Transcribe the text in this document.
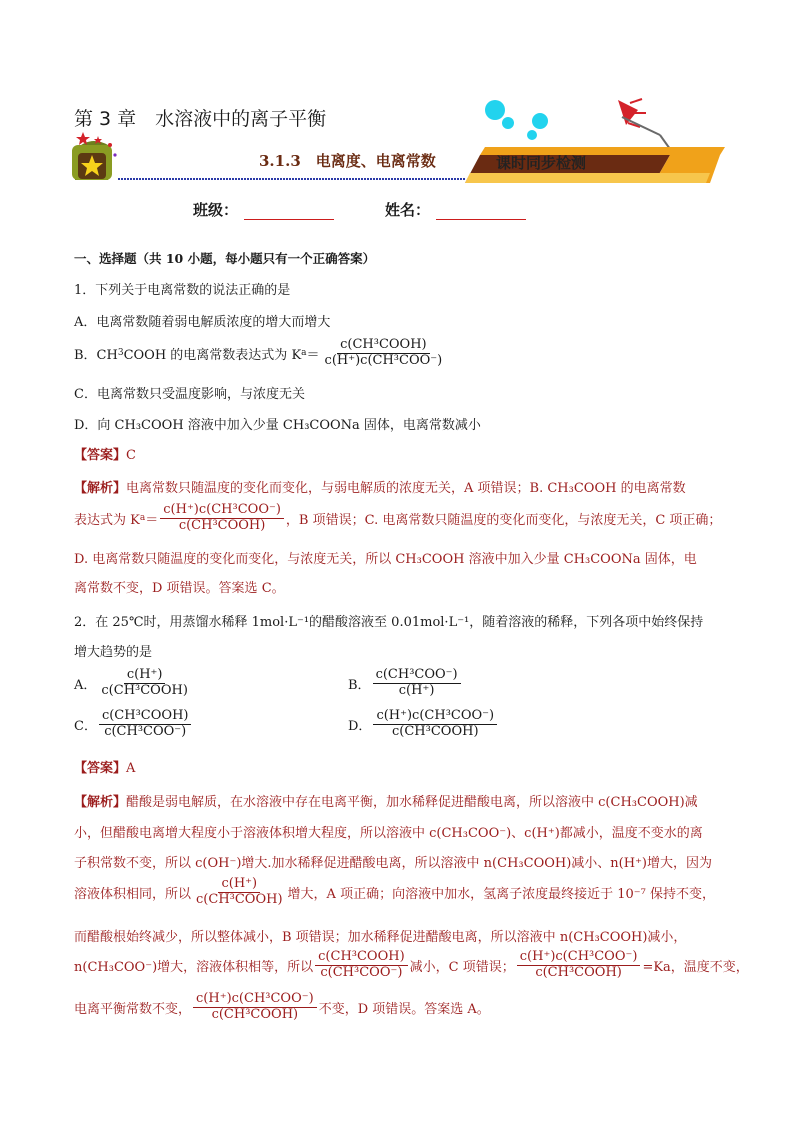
第 3 章　水溶液中的离子平衡
3.1.3　电离度、电离常数	课时同步检测
班级：	姓名：
一、选择题（共 10 小题，每小题只有一个正确答案）
1．下列关于电离常数的说法正确的是
A．电离常数随着弱电解质浓度的增大而增大
B．CH 3 COOH 的电离常数表达式为 K $a = \frac{\text{c(CH³COOH)}}{\text{c(H⁺)c(CH³COO⁻)}}$
C．电离常数只受温度影响，与浓度无关
D．向 CH₃COOH 溶液中加入少量 CH₃COONa 固体，电离常数减小
【答案】C
【解析】电离常数只随温度的变化而变化，与弱电解质的浓度无关，A 项错误；B. CH₃COOH 的电离常数
表达式为 K $a = \frac{\text{c(H⁺)c(CH³COO⁻)}}{\text{c(CH³COOH)}}$ ，B 项错误；C. 电离常数只随温度的变化而变化，与浓度无关，C 项正确；
D. 电离常数只随温度的变化而变化，与浓度无关，所以 CH₃COOH 溶液中加入少量 CH₃COONa 固体，电
离常数不变，D 项错误。答案选 C。
2．在 25℃时，用蒸馏水稀释 1mol·L⁻¹的醋酸溶液至 0.01mol·L⁻¹，随着溶液的稀释，下列各项中始终保持
增大趋势的是
A． $\frac{c(H^+)}{\text{c(CH³COOH)}}$	B． $\frac{\text{c(CH³COO⁻)}}{c(H^+)}$
C． $\frac{\text{c(CH³COOH)}}{\text{c(CH³COO⁻)}}$	D． $\frac{\text{c(H⁺)c(CH³COO⁻)}}{\text{c(CH³COOH)}}$
【答案】A
【解析】醋酸是弱电解质，在水溶液中存在电离平衡，加水稀释促进醋酸电离，所以溶液中 c(CH₃COOH)减
小，但醋酸电离增大程度小于溶液体积增大程度，所以溶液中 c(CH₃COO⁻)、c(H⁺)都减小，温度不变水的离
子积常数不变，所以 c(OH⁻)增大.加水稀释促进醋酸电离，所以溶液中 n(CH₃COOH)减小、n(H⁺)增大，因为
溶液体积相同，所以 $\frac{c(H^+)}{\text{c(CH³COOH)}}$ 增大，A 项正确；向溶液中加水，氢离子浓度最终接近于 10⁻⁷ 保持不变，
而醋酸根始终减少，所以整体减小，B 项错误；加水稀释促进醋酸电离，所以溶液中 n(CH₃COOH)减小，
n(CH₃COO⁻)增大，溶液体积相等，所以 $\frac{\text{c(CH³COOH)}}{\text{c(CH³COO⁻)}}$ 减小，C 项错误； $\frac{\text{c(H⁺)c(CH³COO⁻)}}{\text{c(CH³COOH)}} =Ka$，温度不变，
电离平衡常数不变， $\frac{\text{c(H⁺)c(CH³COO⁻)}}{\text{c(CH³COOH)}}$ 不变，D 项错误。答案选 A。
